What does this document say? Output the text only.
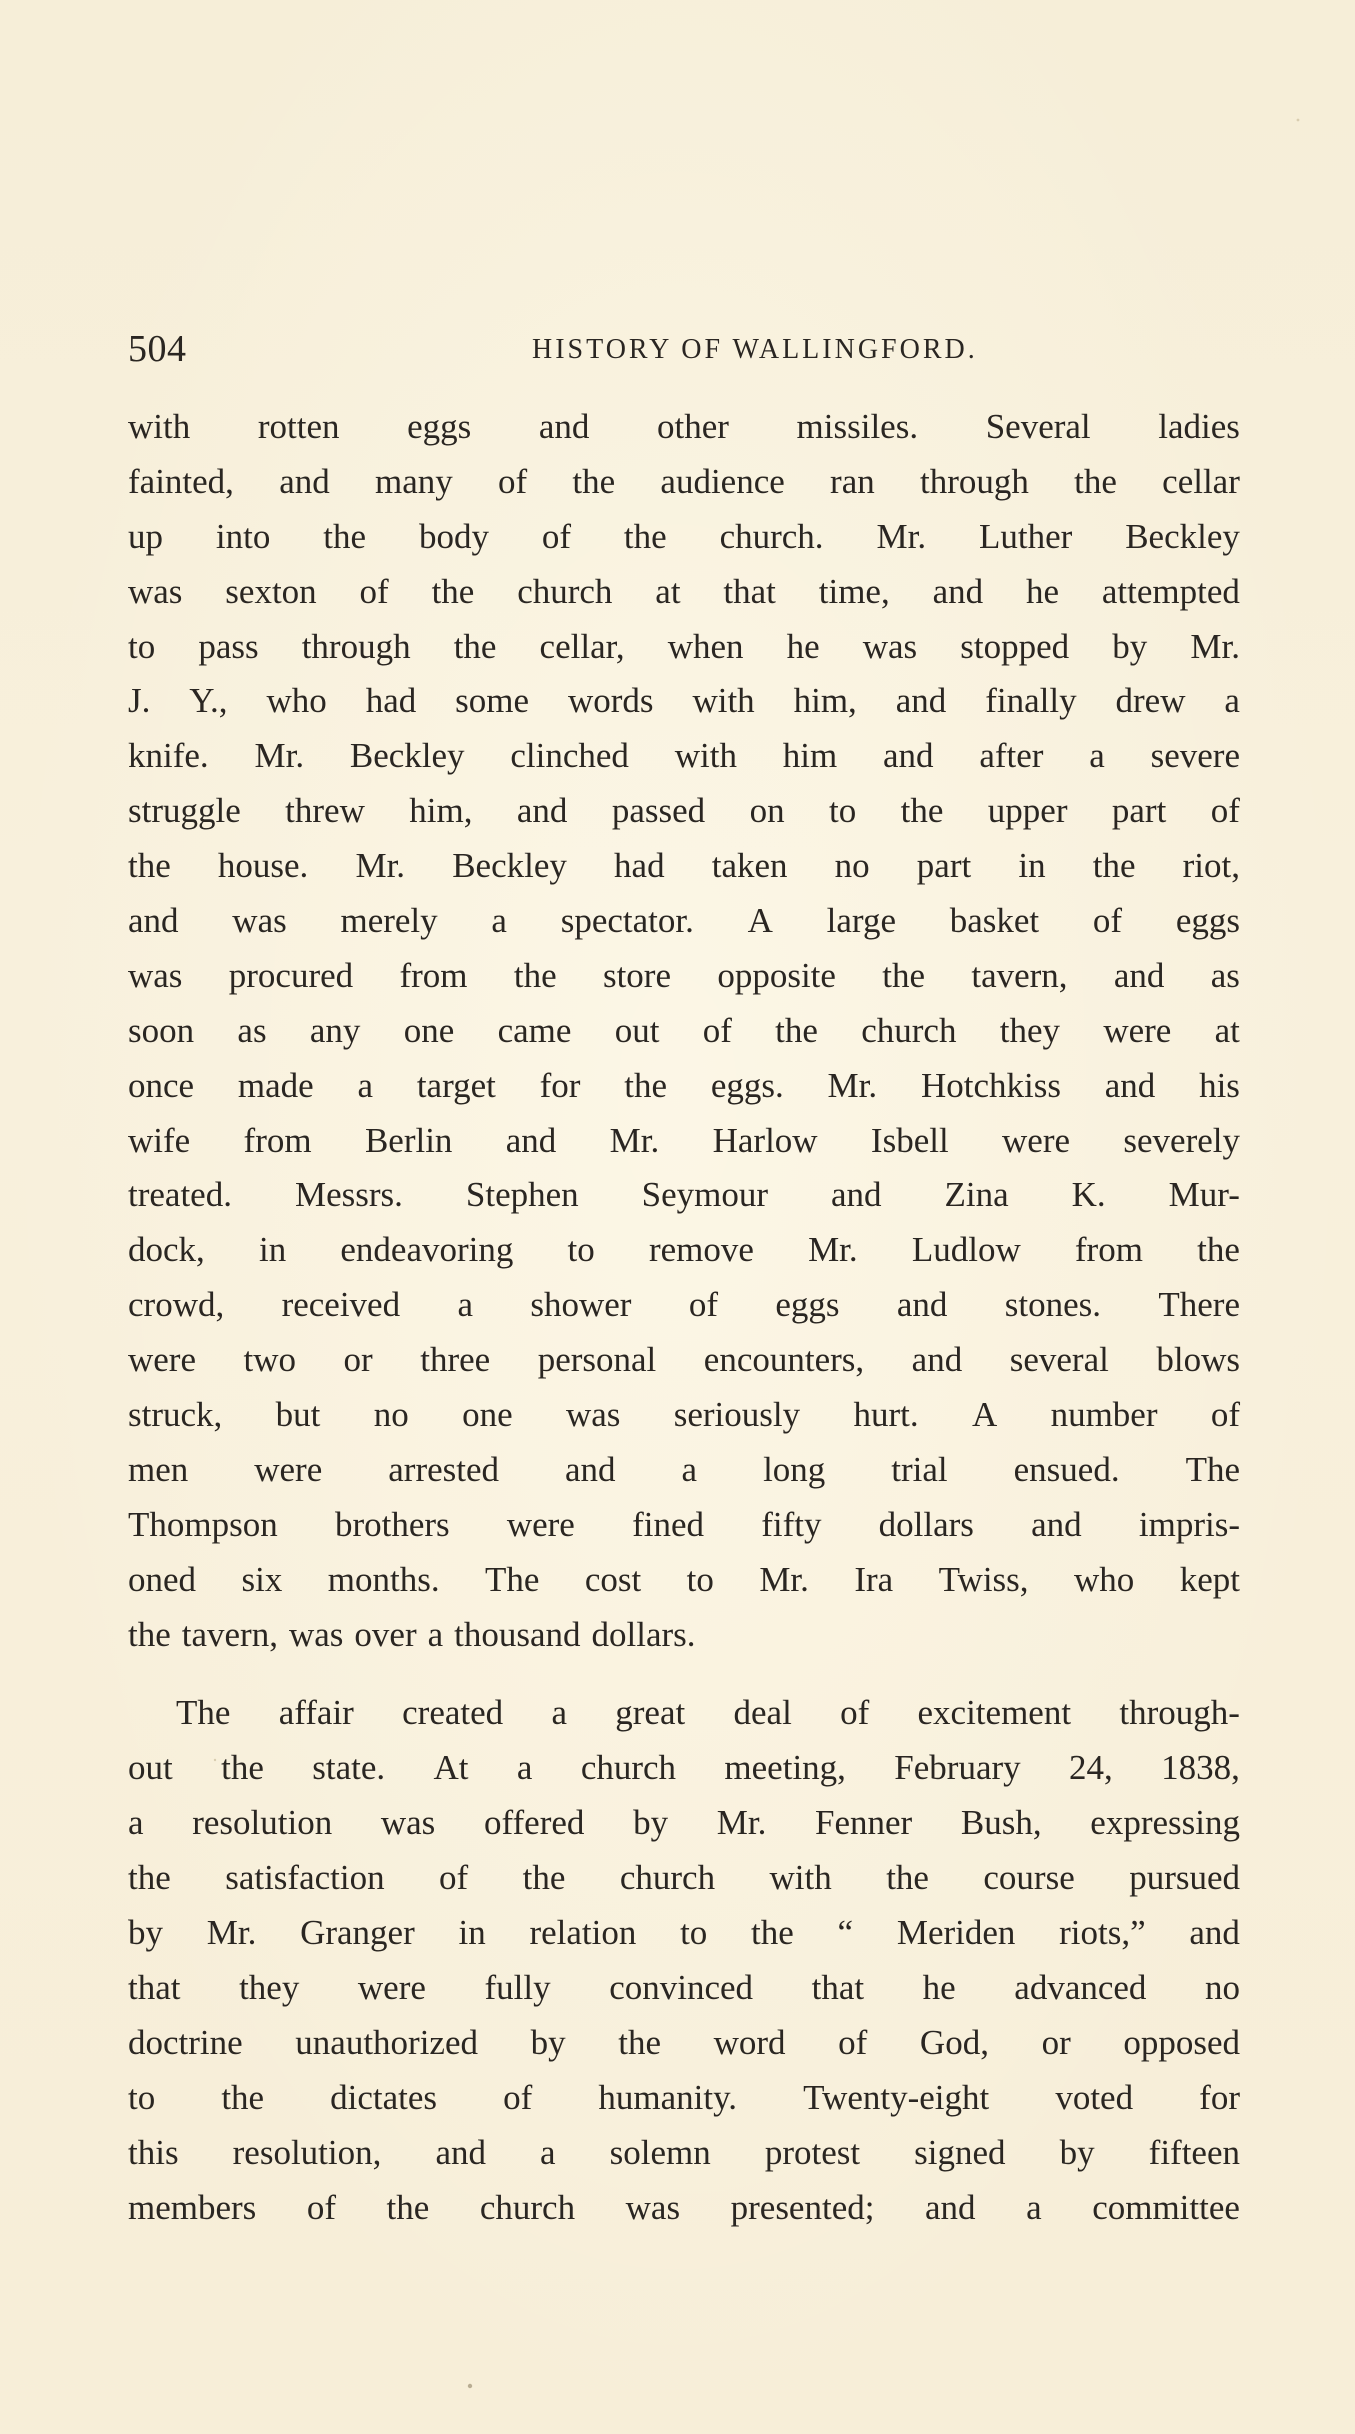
504	HISTORY OF WALLINGFORD.
with rotten eggs and other missiles. Several ladies
fainted, and many of the audience ran through the cellar
up into the body of the church. Mr. Luther Beckley
was sexton of the church at that time, and he attempted
to pass through the cellar, when he was stopped by Mr.
J. Y., who had some words with him, and finally drew a
knife. Mr. Beckley clinched with him and after a severe
struggle threw him, and passed on to the upper part of
the house. Mr. Beckley had taken no part in the riot,
and was merely a spectator. A large basket of eggs
was procured from the store opposite the tavern, and as
soon as any one came out of the church they were at
once made a target for the eggs. Mr. Hotchkiss and his
wife from Berlin and Mr. Harlow Isbell were severely
treated. Messrs. Stephen Seymour and Zina K. Mur-
dock, in endeavoring to remove Mr. Ludlow from the
crowd, received a shower of eggs and stones. There
were two or three personal encounters, and several blows
struck, but no one was seriously hurt. A number of
men were arrested and a long trial ensued. The
Thompson brothers were fined fifty dollars and impris-
oned six months. The cost to Mr. Ira Twiss, who kept
the tavern, was over a thousand dollars.
The affair created a great deal of excitement through-
out the state. At a church meeting, February 24, 1838,
a resolution was offered by Mr. Fenner Bush, expressing
the satisfaction of the church with the course pursued
by Mr. Granger in relation to the “ Meriden riots,” and
that they were fully convinced that he advanced no
doctrine unauthorized by the word of God, or opposed
to the dictates of humanity. Twenty-eight voted for
this resolution, and a solemn protest signed by fifteen
members of the church was presented; and a committee
